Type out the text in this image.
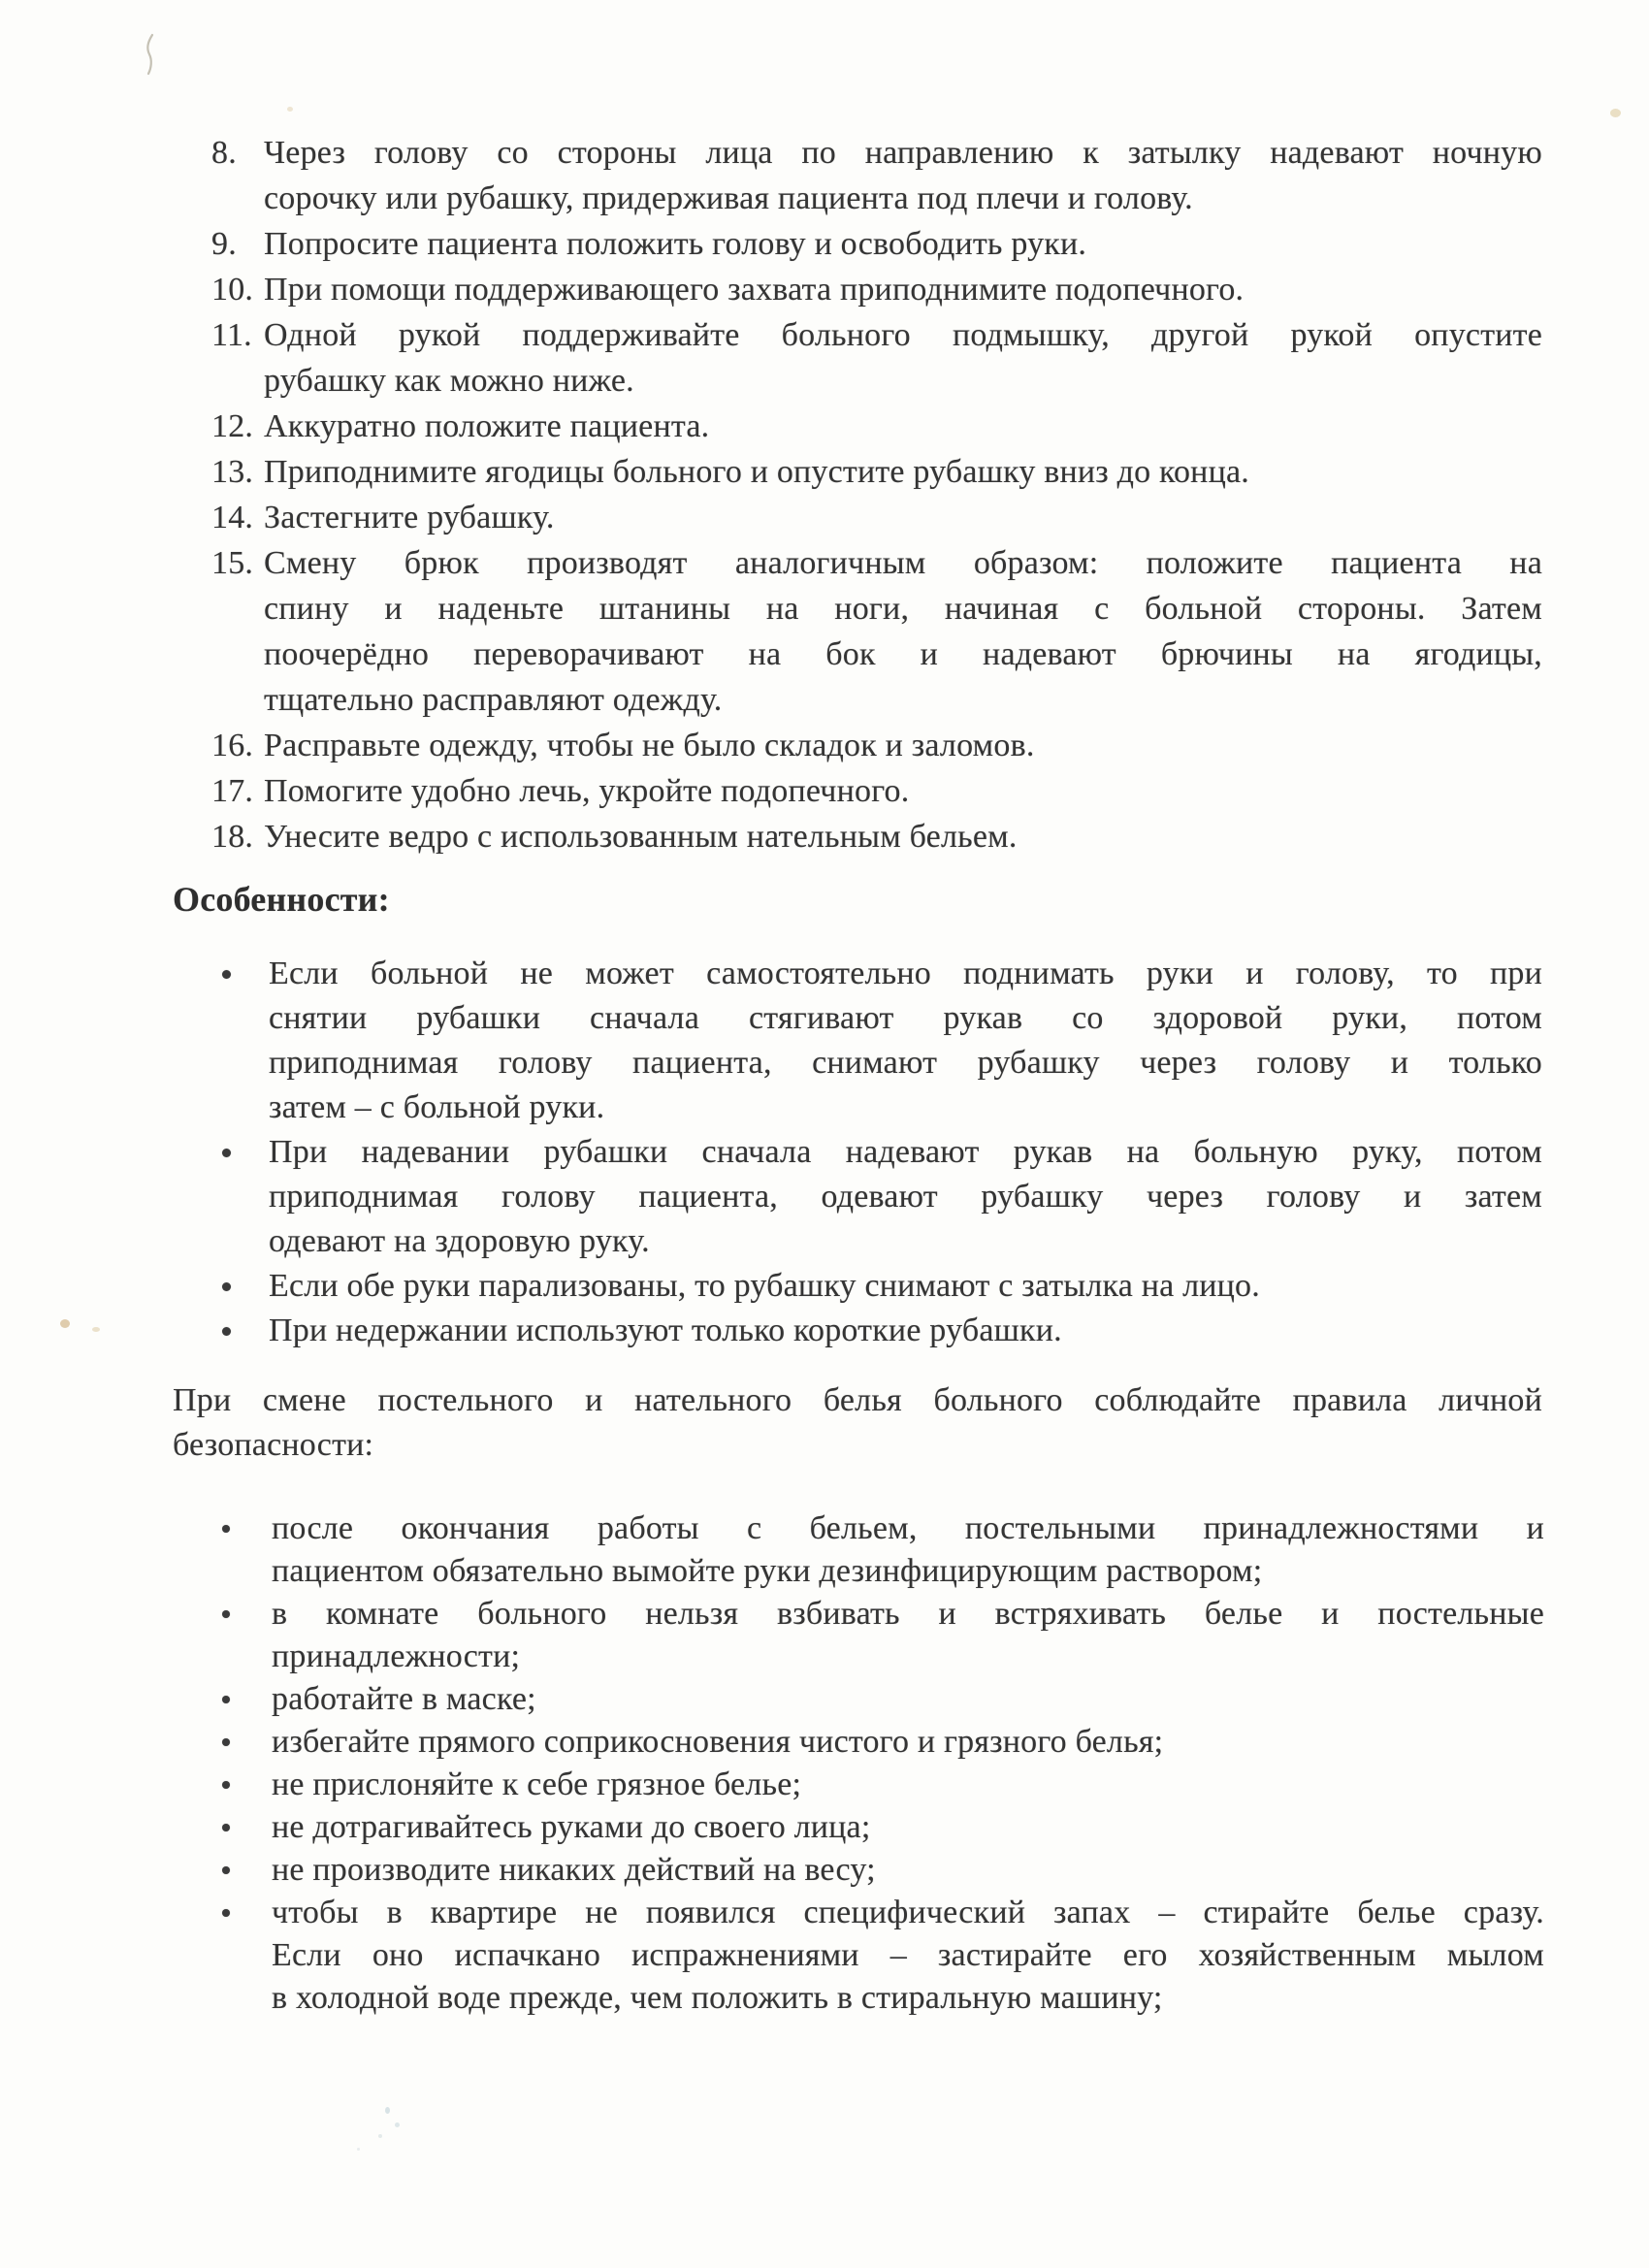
8. Через голову со стороны лица по направлению к затылку надевают ночную
сорочку или рубашку, придерживая пациента под плечи и голову.
9. Попросите пациента положить голову и освободить руки.
10. При помощи поддерживающего захвата приподнимите подопечного.
11. Одной рукой поддерживайте больного подмышку, другой рукой опустите
рубашку как можно ниже.
12. Аккуратно положите пациента.
13. Приподнимите ягодицы больного и опустите рубашку вниз до конца.
14. Застегните рубашку.
15. Смену брюк производят аналогичным образом: положите пациента на
спину и наденьте штанины на ноги, начиная с больной стороны. Затем
поочерёдно переворачивают на бок и надевают брючины на ягодицы,
тщательно расправляют одежду.
16. Расправьте одежду, чтобы не было складок и заломов.
17. Помогите удобно лечь, укройте подопечного.
18. Унесите ведро с использованным нательным бельем.
Особенности:
Если больной не может самостоятельно поднимать руки и голову, то при
снятии рубашки сначала стягивают рукав со здоровой руки, потом
приподнимая голову пациента, снимают рубашку через голову и только
затем – с больной руки.
При надевании рубашки сначала надевают рукав на больную руку, потом
приподнимая голову пациента, одевают рубашку через голову и затем
одевают на здоровую руку.
Если обе руки парализованы, то рубашку снимают с затылка на лицо.
При недержании используют только короткие рубашки.
При смене постельного и нательного белья больного соблюдайте правила личной
безопасности:
после окончания работы с бельем, постельными принадлежностями и
пациентом обязательно вымойте руки дезинфицирующим раствором;
в комнате больного нельзя взбивать и встряхивать белье и постельные
принадлежности;
работайте в маске;
избегайте прямого соприкосновения чистого и грязного белья;
не прислоняйте к себе грязное белье;
не дотрагивайтесь руками до своего лица;
не производите никаких действий на весу;
чтобы в квартире не появился специфический запах – стирайте белье сразу.
Если оно испачкано испражнениями – застирайте его хозяйственным мылом
в холодной воде прежде, чем положить в стиральную машину;
